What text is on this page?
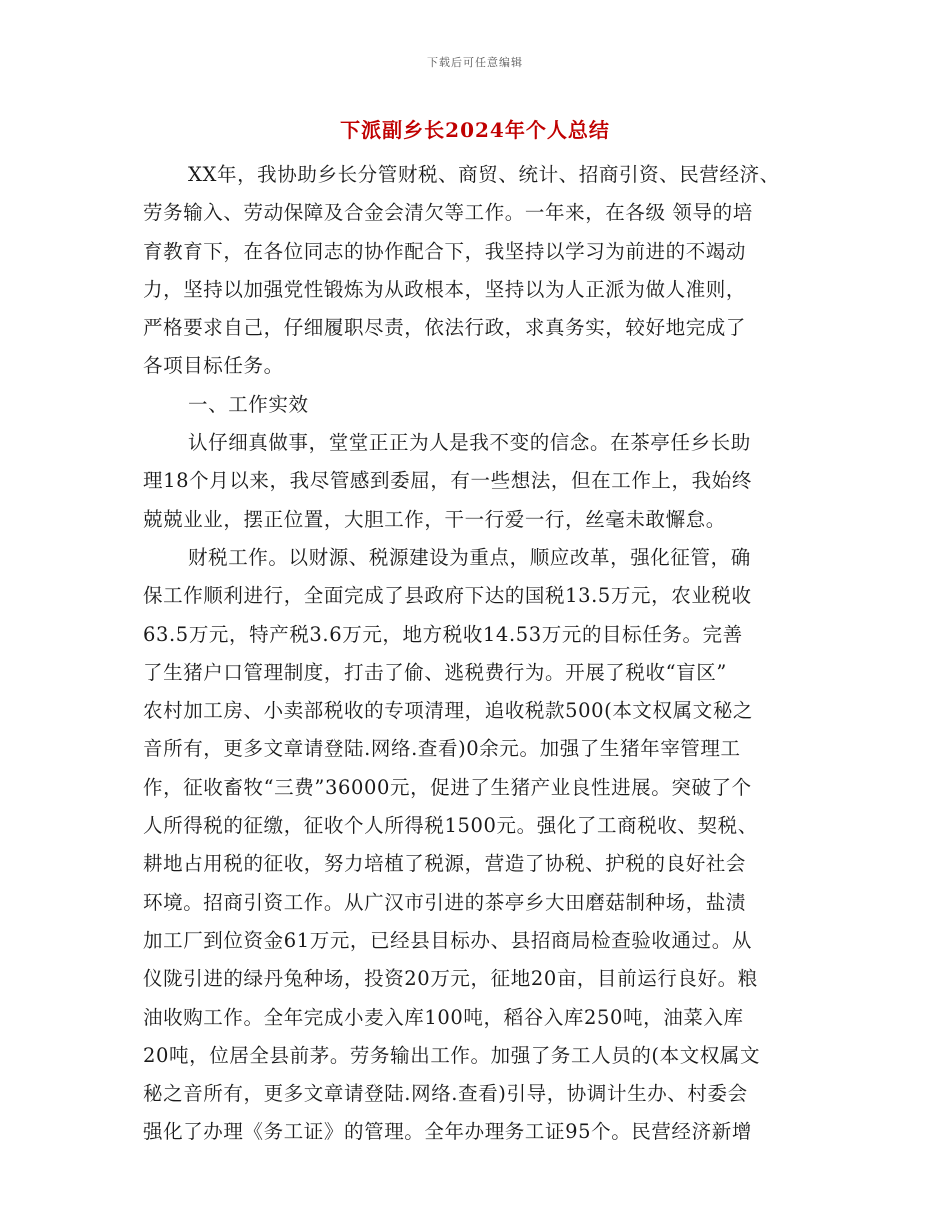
下载后可任意编辑
下派副乡长2024年个人总结
XX年，我协助乡长分管财税、商贸、统计、招商引资、民营经济、
劳务输入、劳动保障及合金会清欠等工作。一年来，在各级 领导的培
育教育下，在各位同志的协作配合下，我坚持以学习为前进的不竭动
力，坚持以加强党性锻炼为从政根本，坚持以为人正派为做人准则，
严格要求自己，仔细履职尽责，依法行政，求真务实，较好地完成了
各项目标任务。
一、工作实效
认仔细真做事，堂堂正正为人是我不变的信念。在茶亭任乡长助
理18个月以来，我尽管感到委屈，有一些想法，但在工作上，我始终
兢兢业业，摆正位置，大胆工作，干一行爱一行，丝毫未敢懈怠。
财税工作。以财源、税源建设为重点，顺应改革，强化征管，确
保工作顺利进行，全面完成了县政府下达的国税13.5万元，农业税收
63.5万元，特产税3.6万元，地方税收14.53万元的目标任务。完善
了生猪户口管理制度，打击了偷、逃税费行为。开展了税收“盲区”
农村加工房、小卖部税收的专项清理，追收税款500(本文权属文秘之
音所有，更多文章请登陆.网络.查看)0余元。加强了生猪年宰管理工
作，征收畜牧“三费”36000元，促进了生猪产业良性进展。突破了个
人所得税的征缴，征收个人所得税1500元。强化了工商税收、契税、
耕地占用税的征收，努力培植了税源，营造了协税、护税的良好社会
环境。招商引资工作。从广汉市引进的茶亭乡大田磨菇制种场，盐渍
加工厂到位资金61万元，已经县目标办、县招商局检查验收通过。从
仪陇引进的绿丹兔种场，投资20万元，征地20亩，目前运行良好。粮
油收购工作。全年完成小麦入库100吨，稻谷入库250吨，油菜入库
20吨，位居全县前茅。劳务输出工作。加强了务工人员的(本文权属文
秘之音所有，更多文章请登陆.网络.查看)引导，协调计生办、村委会
强化了办理《务工证》的管理。全年办理务工证95个。民营经济新增
